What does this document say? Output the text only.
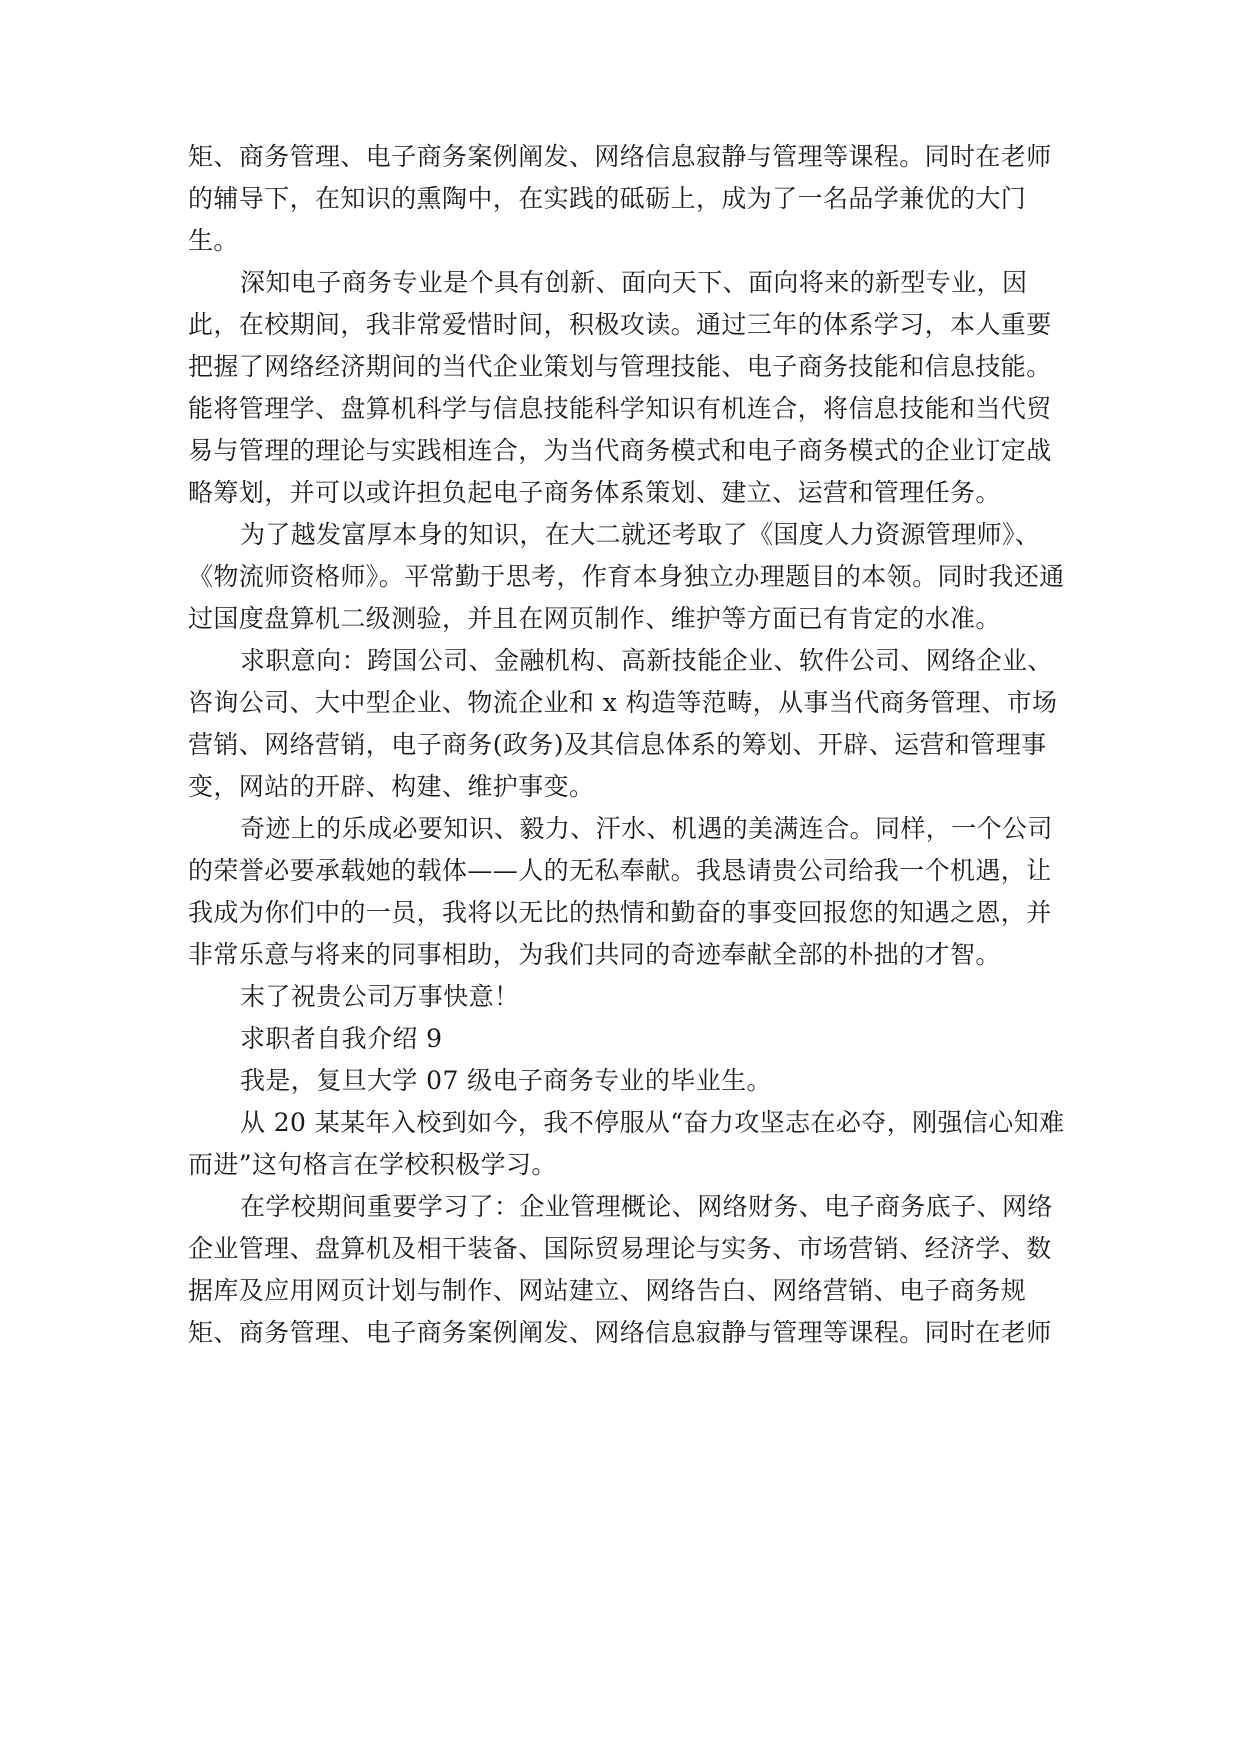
矩、商务管理、电子商务案例阐发、网络信息寂静与管理等课程。同时在老师
的辅导下，在知识的熏陶中，在实践的砥砺上，成为了一名品学兼优的大门
生。
深知电子商务专业是个具有创新、面向天下、面向将来的新型专业，因
此，在校期间，我非常爱惜时间，积极攻读。通过三年的体系学习，本人重要
把握了网络经济期间的当代企业策划与管理技能、电子商务技能和信息技能。
能将管理学、盘算机科学与信息技能科学知识有机连合，将信息技能和当代贸
易与管理的理论与实践相连合，为当代商务模式和电子商务模式的企业订定战
略筹划，并可以或许担负起电子商务体系策划、建立、运营和管理任务。
为了越发富厚本身的知识，在大二就还考取了《国度人力资源管理师》、
《物流师资格师》。平常勤于思考，作育本身独立办理题目的本领。同时我还通
过国度盘算机二级测验，并且在网页制作、维护等方面已有肯定的水准。
求职意向：跨国公司、金融机构、高新技能企业、软件公司、网络企业、
咨询公司、大中型企业、物流企业和 x 构造等范畴，从事当代商务管理、市场
营销、网络营销，电子商务(政务)及其信息体系的筹划、开辟、运营和管理事
变，网站的开辟、构建、维护事变。
奇迹上的乐成必要知识、毅力、汗水、机遇的美满连合。同样，一个公司
的荣誉必要承载她的载体——人的无私奉献。我恳请贵公司给我一个机遇，让
我成为你们中的一员，我将以无比的热情和勤奋的事变回报您的知遇之恩，并
非常乐意与将来的同事相助，为我们共同的奇迹奉献全部的朴拙的才智。
末了祝贵公司万事快意！
求职者自我介绍 9
我是，复旦大学 07 级电子商务专业的毕业生。
从 20 某某年入校到如今，我不停服从“奋力攻坚志在必夺，刚强信心知难
而进”这句格言在学校积极学习。
在学校期间重要学习了：企业管理概论、网络财务、电子商务底子、网络
企业管理、盘算机及相干装备、国际贸易理论与实务、市场营销、经济学、数
据库及应用网页计划与制作、网站建立、网络告白、网络营销、电子商务规
矩、商务管理、电子商务案例阐发、网络信息寂静与管理等课程。同时在老师
